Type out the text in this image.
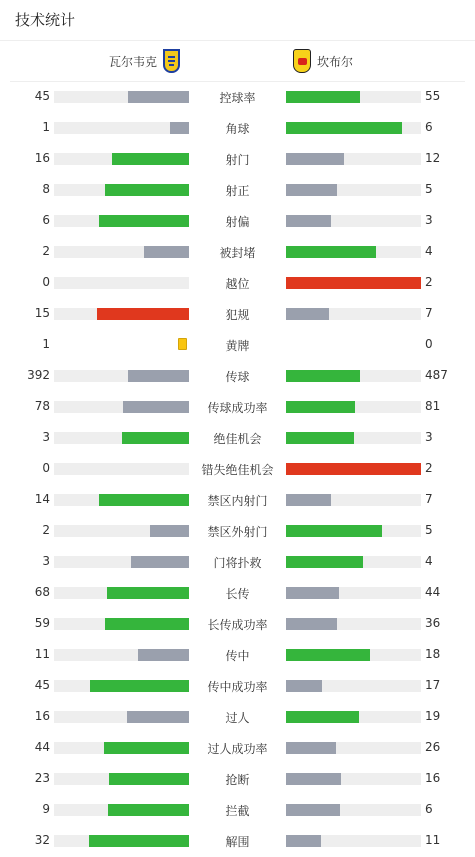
技术统计
瓦尔韦克	坎布尔
45	控球率	55
1	角球	6
16	射门	12
8	射正	5
6	射偏	3
2	被封堵	4
0	越位	2
15	犯规	7
1	黄牌	0
392	传球	487
78	传球成功率	81
3	绝佳机会	3
0	错失绝佳机会	2
14	禁区内射门	7
2	禁区外射门	5
3	门将扑救	4
68	长传	44
59	长传成功率	36
11	传中	18
45	传中成功率	17
16	过人	19
44	过人成功率	26
23	抢断	16
9	拦截	6
32	解围	11
